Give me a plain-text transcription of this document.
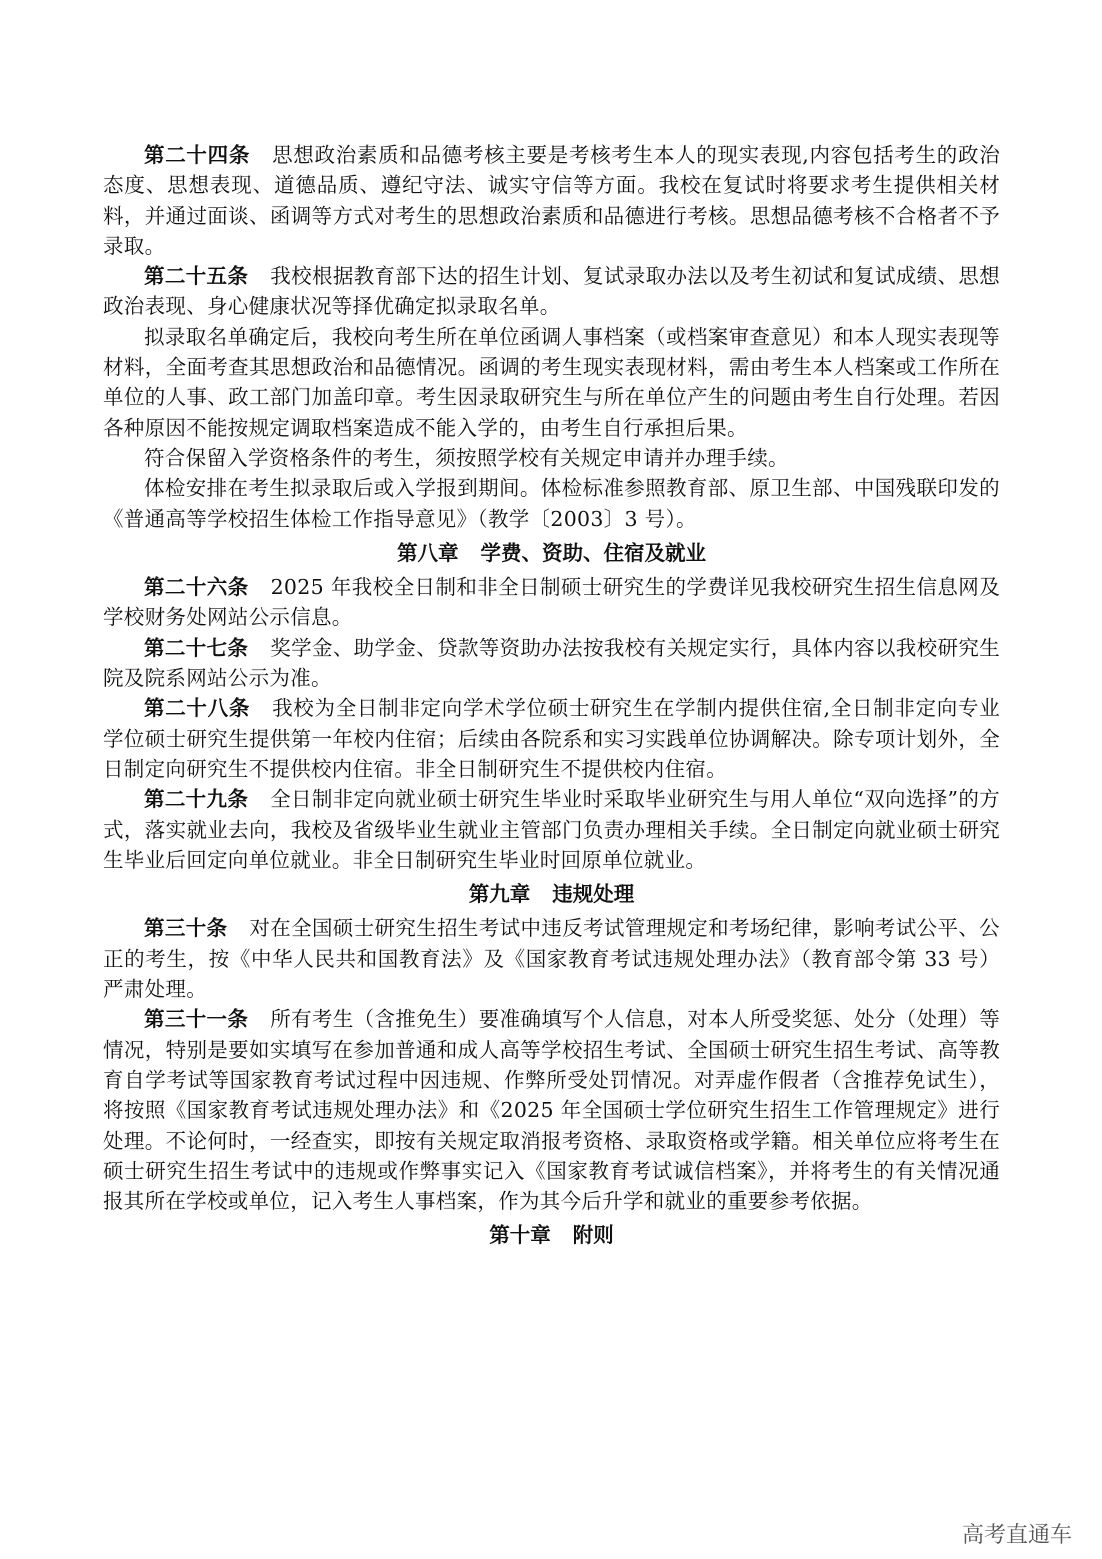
第二十四条 思想政治素质和品德考核主要是考核考生本人的现实表现,内容包括考生的政治态度、思想表现、道德品质、遵纪守法、诚实守信等方面。我校在复试时将要求考生提供相关材料，并通过面谈、函调等方式对考生的思想政治素质和品德进行考核。思想品德考核不合格者不予录取。

第二十五条 我校根据教育部下达的招生计划、复试录取办法以及考生初试和复试成绩、思想政治表现、身心健康状况等择优确定拟录取名单。

拟录取名单确定后，我校向考生所在单位函调人事档案（或档案审查意见）和本人现实表现等材料，全面考查其思想政治和品德情况。函调的考生现实表现材料，需由考生本人档案或工作所在单位的人事、政工部门加盖印章。考生因录取研究生与所在单位产生的问题由考生自行处理。若因各种原因不能按规定调取档案造成不能入学的，由考生自行承担后果。

符合保留入学资格条件的考生，须按照学校有关规定申请并办理手续。

体检安排在考生拟录取后或入学报到期间。体检标准参照教育部、原卫生部、中国残联印发的《普通高等学校招生体检工作指导意见》（教学〔2003〕3 号）。

第八章 学费、资助、住宿及就业

第二十六条 2025 年我校全日制和非全日制硕士研究生的学费详见我校研究生招生信息网及学校财务处网站公示信息。

第二十七条 奖学金、助学金、贷款等资助办法按我校有关规定实行，具体内容以我校研究生院及院系网站公示为准。

第二十八条 我校为全日制非定向学术学位硕士研究生在学制内提供住宿,全日制非定向专业学位硕士研究生提供第一年校内住宿；后续由各院系和实习实践单位协调解决。除专项计划外，全日制定向研究生不提供校内住宿。非全日制研究生不提供校内住宿。

第二十九条 全日制非定向就业硕士研究生毕业时采取毕业研究生与用人单位“双向选择”的方式，落实就业去向，我校及省级毕业生就业主管部门负责办理相关手续。全日制定向就业硕士研究生毕业后回定向单位就业。非全日制研究生毕业时回原单位就业。

第九章 违规处理

第三十条 对在全国硕士研究生招生考试中违反考试管理规定和考场纪律，影响考试公平、公正的考生，按《中华人民共和国教育法》及《国家教育考试违规处理办法》（教育部令第 33 号）严肃处理。

第三十一条 所有考生（含推免生）要准确填写个人信息，对本人所受奖惩、处分（处理）等情况，特别是要如实填写在参加普通和成人高等学校招生考试、全国硕士研究生招生考试、高等教育自学考试等国家教育考试过程中因违规、作弊所受处罚情况。对弄虚作假者（含推荐免试生），将按照《国家教育考试违规处理办法》和《2025 年全国硕士学位研究生招生工作管理规定》进行处理。不论何时，一经查实，即按有关规定取消报考资格、录取资格或学籍。相关单位应将考生在硕士研究生招生考试中的违规或作弊事实记入《国家教育考试诚信档案》，并将考生的有关情况通报其所在学校或单位，记入考生人事档案，作为其今后升学和就业的重要参考依据。

第十章 附则
高考直通车
